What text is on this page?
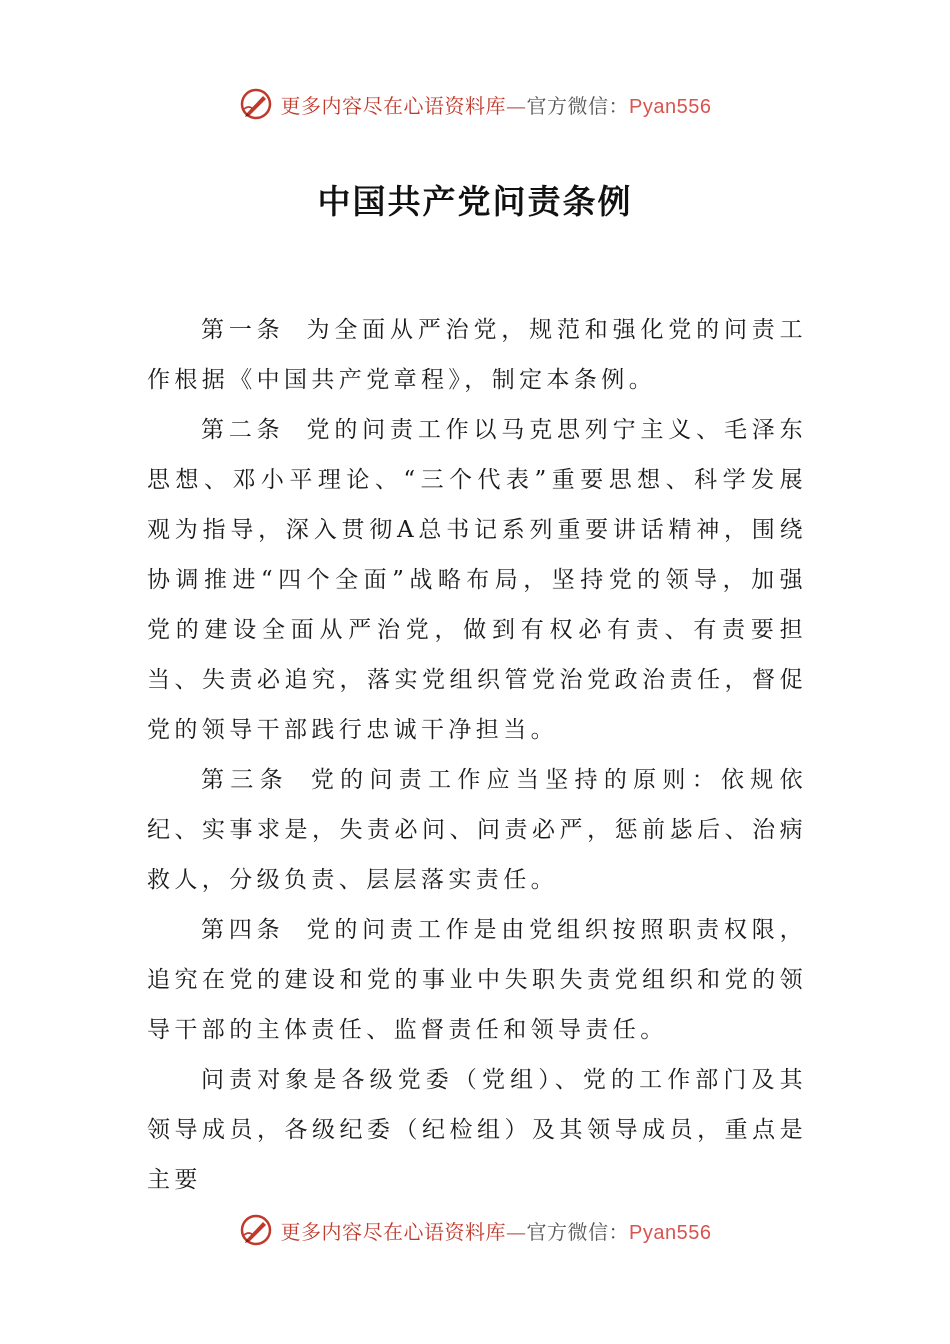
更多内容尽在心语资料库—官方微信：Pyan556
中国共产党问责条例

第一条 为全面从严治党，规范和强化党的问责工作根据《中国共产党章程》，制定本条例。

第二条 党的问责工作以马克思列宁主义、毛泽东思想、邓小平理论、“三个代表”重要思想、科学发展观为指导，深入贯彻A总书记系列重要讲话精神，围绕协调推进“四个全面”战略布局，坚持党的领导，加强党的建设全面从严治党，做到有权必有责、有责要担当、失责必追究，落实党组织管党治党政治责任，督促党的领导干部践行忠诚干净担当。

第三条 党的问责工作应当坚持的原则：依规依纪、实事求是，失责必问、问责必严，惩前毖后、治病救人，分级负责、层层落实责任。

第四条 党的问责工作是由党组织按照职责权限，追究在党的建设和党的事业中失职失责党组织和党的领导干部的主体责任、监督责任和领导责任。

问责对象是各级党委（党组）、党的工作部门及其领导成员，各级纪委（纪检组）及其领导成员，重点是主要

更多内容尽在心语资料库—官方微信：Pyan556
